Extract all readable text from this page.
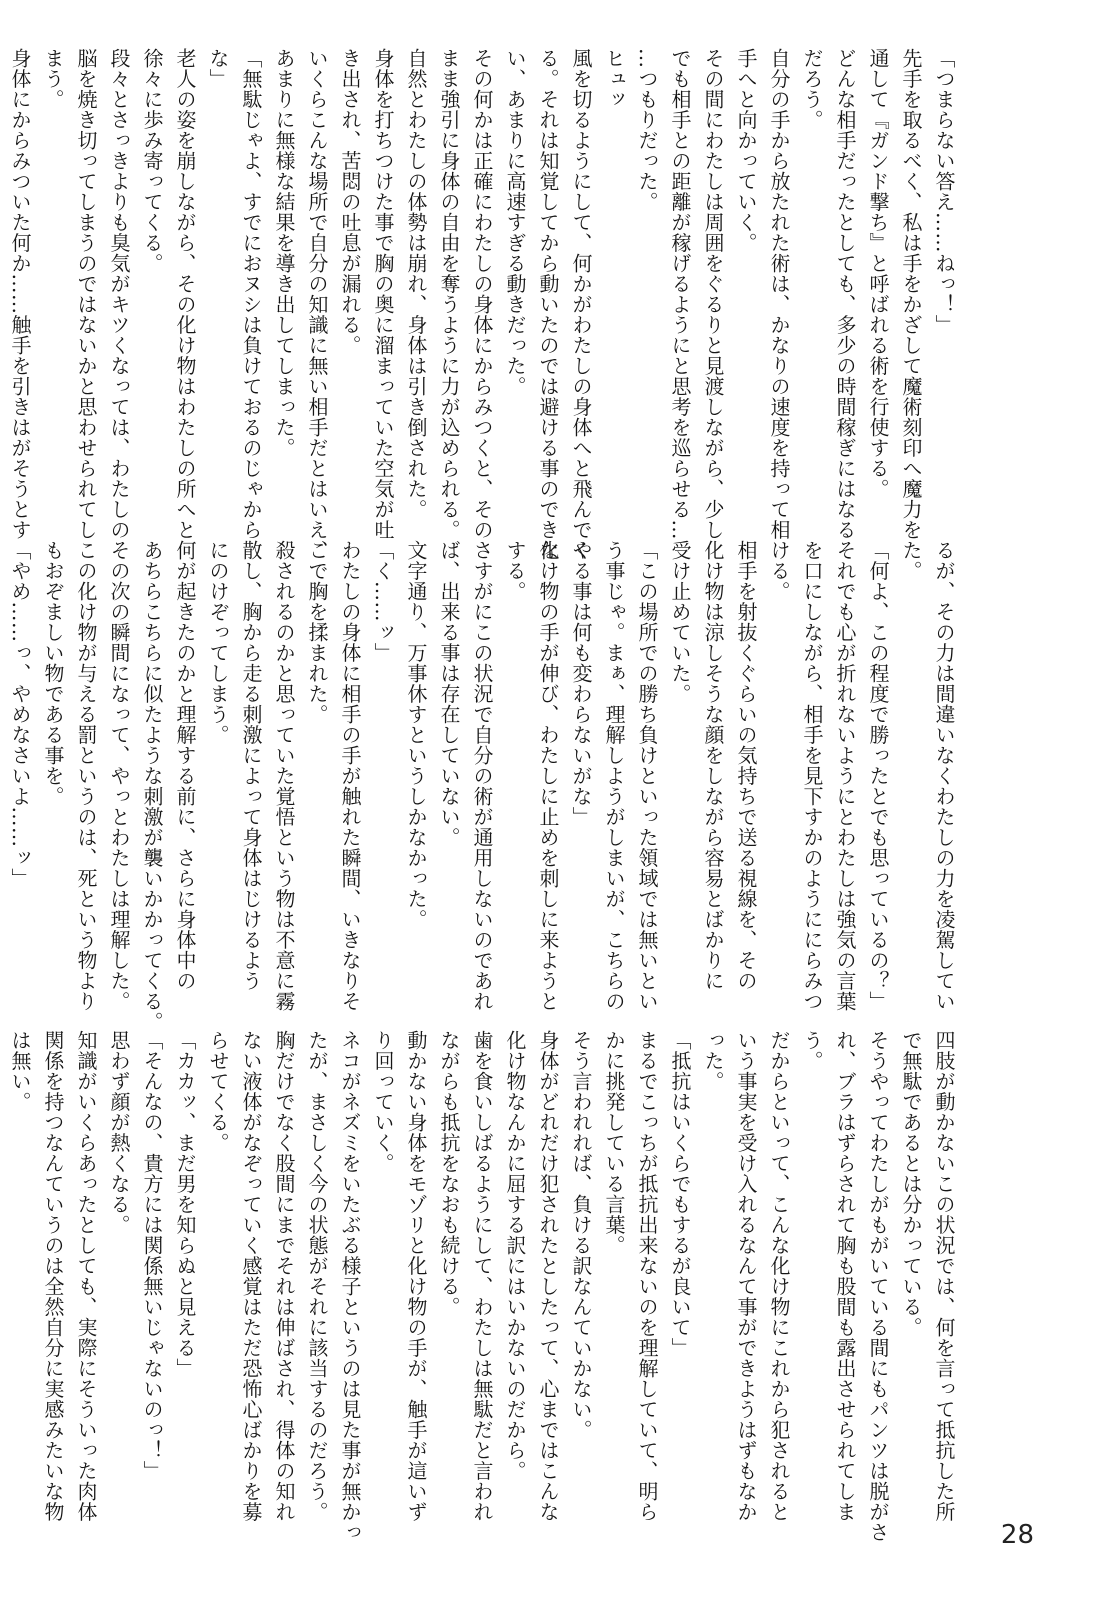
「つまらない答え……ねっ！」

先手を取るべく、私は手をかざして魔術刻印へ魔力を

通して『ガンド撃ち』と呼ばれる術を行使する。

どんな相手だったとしても、多少の時間稼ぎにはなる

だろう。

自分の手から放たれた術は、かなりの速度を持って相

手へと向かっていく。

その間にわたしは周囲をぐるりと見渡しながら、少し

でも相手との距離が稼げるようにと思考を巡らせる…

…つもりだった。

ヒュッ

風を切るようにして、何かがわたしの身体へと飛んでく

る。それは知覚してから動いたのでは避ける事のできな

い、あまりに高速すぎる動きだった。

その何かは正確にわたしの身体にからみつくと、その

まま強引に身体の自由を奪うように力が込められる。

自然とわたしの体勢は崩れ、身体は引き倒された。

身体を打ちつけた事で胸の奥に溜まっていた空気が吐

き出され、苦悶の吐息が漏れる。

いくらこんな場所で自分の知識に無い相手だとはいえ、

あまりに無様な結果を導き出してしまった。

「無駄じゃよ、すでにおヌシは負けておるのじゃから

な」

老人の姿を崩しながら、その化け物はわたしの所へと

徐々に歩み寄ってくる。

段々とさっきよりも臭気がキツくなっては、わたしの

脳を焼き切ってしまうのではないかと思わせられてし

まう。

身体にからみついた何か……触手を引きはがそうとす

るが、その力は間違いなくわたしの力を凌駕してい

た。

「何よ、この程度で勝ったとでも思っているの？」

それでも心が折れないようにとわたしは強気の言葉

を口にしながら、相手を見下すかのようににらみつ

ける。

相手を射抜くぐらいの気持ちで送る視線を、その

化け物は涼しそうな顔をしながら容易とばかりに

受け止めていた。

「この場所での勝ち負けといった領域では無いとい

う事じゃ。まぁ、理解しようがしまいが、こちらの

やる事は何も変わらないがな」

化け物の手が伸び、わたしに止めを刺しに来ようと

する。

さすがにこの状況で自分の術が通用しないのであれ

ば、出来る事は存在していない。

文字通り、万事休すというしかなかった。

「く……ッ」

わたしの身体に相手の手が触れた瞬間、いきなりそ

こで胸を揉まれた。

殺されるのかと思っていた覚悟という物は不意に霧

散し、胸から走る刺激によって身体はじけるよう

にのけぞってしまう。

何が起きたのかと理解する前に、さらに身体中の

あちらこちらに似たような刺激が襲いかかってくる。

その次の瞬間になって、やっとわたしは理解した。

この化け物が与える罰というのは、死という物より

もおぞましい物である事を。

「やめ……っ、やめなさいよ……ッ」

四肢が動かないこの状況では、何を言って抵抗した所

で無駄であるとは分かっている。

そうやってわたしがもがいている間にもパンツは脱がさ

れ、ブラはずらされて胸も股間も露出させられてしま

う。

だからといって、こんな化け物にこれから犯されると

いう事実を受け入れるなんて事ができようはずもなか

った。

「抵抗はいくらでもするが良いて」

まるでこっちが抵抗出来ないのを理解していて、明ら

かに挑発している言葉。

そう言われれば、負ける訳なんていかない。

身体がどれだけ犯されたとしたって、心まではこんな

化け物なんかに屈する訳にはいかないのだから。

歯を食いしばるようにして、わたしは無駄だと言われ

ながらも抵抗をなおも続ける。

動かない身体をモゾリと化け物の手が、触手が這いず

り回っていく。

ネコがネズミをいたぶる様子というのは見た事が無かっ

たが、まさしく今の状態がそれに該当するのだろう。

胸だけでなく股間にまでそれは伸ばされ、得体の知れ

ない液体がなぞっていく感覚はただ恐怖心ばかりを募

らせてくる。

「カカッ、まだ男を知らぬと見える」

「そんなの、貴方には関係無いじゃないのっ！」

思わず顔が熱くなる。

知識がいくらあったとしても、実際にそういった肉体

関係を持つなんていうのは全然自分に実感みたいな物

は無い。

28
